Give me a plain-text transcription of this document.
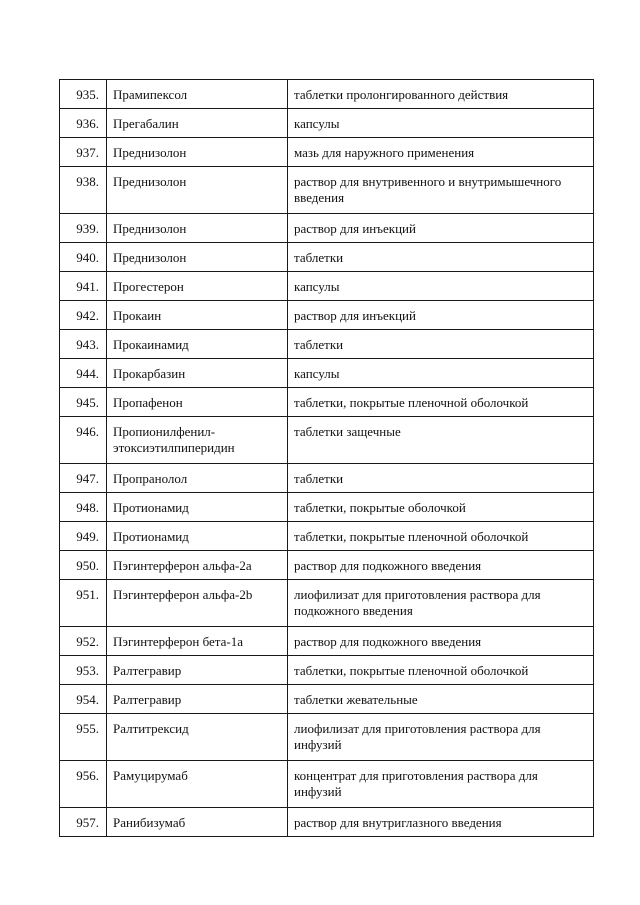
935.	Прамипексол	таблетки пролонгированного действия
936.	Прегабалин	капсулы
937.	Преднизолон	мазь для наружного применения
938.	Преднизолон	раствор для внутривенного и внутримышечного введения
939.	Преднизолон	раствор для инъекций
940.	Преднизолон	таблетки
941.	Прогестерон	капсулы
942.	Прокаин	раствор для инъекций
943.	Прокаинамид	таблетки
944.	Прокарбазин	капсулы
945.	Пропафенон	таблетки, покрытые пленочной оболочкой
946.	Пропионилфенил-этоксиэтилпиперидин	таблетки защечные
947.	Пропранолол	таблетки
948.	Протионамид	таблетки, покрытые оболочкой
949.	Протионамид	таблетки, покрытые пленочной оболочкой
950.	Пэгинтерферон альфа-2а	раствор для подкожного введения
951.	Пэгинтерферон альфа-2b	лиофилизат для приготовления раствора для подкожного введения
952.	Пэгинтерферон бета-1а	раствор для подкожного введения
953.	Ралтегравир	таблетки, покрытые пленочной оболочкой
954.	Ралтегравир	таблетки жевательные
955.	Ралтитрексид	лиофилизат для приготовления раствора для инфузий
956.	Рамуцирумаб	концентрат для приготовления раствора для инфузий
957.	Ранибизумаб	раствор для внутриглазного введения
